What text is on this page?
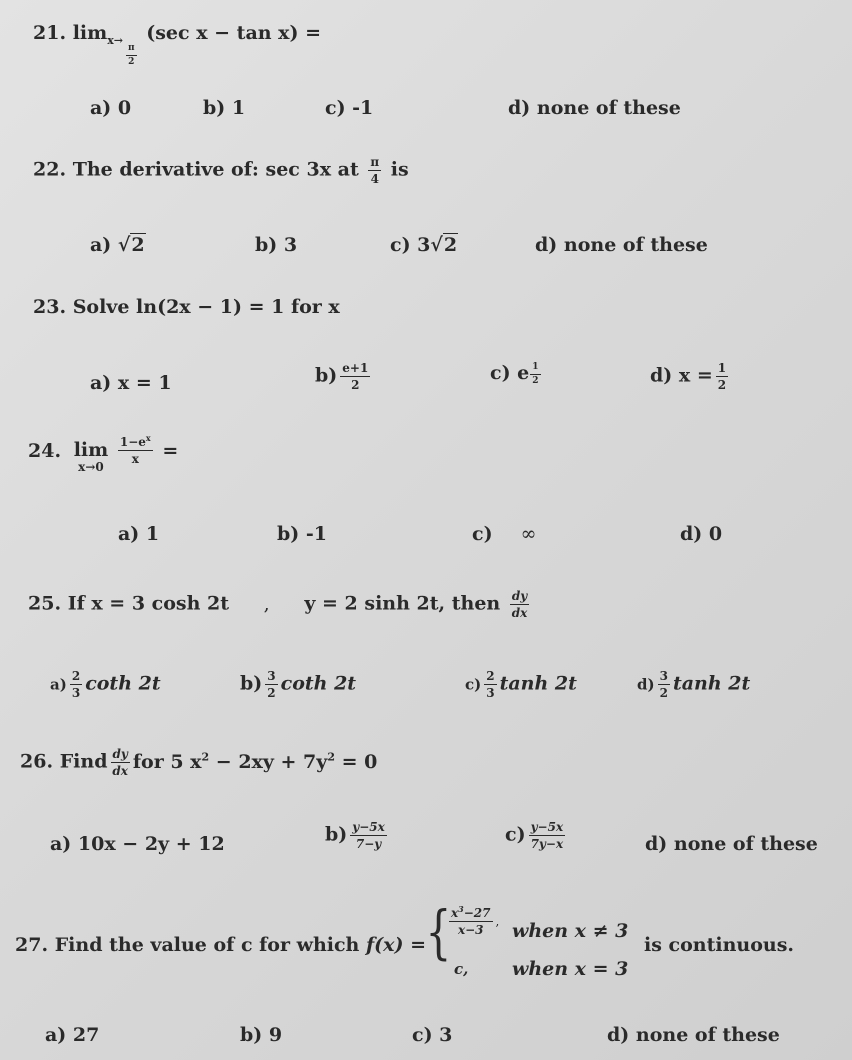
21. $\lim_{x\to \frac{\pi}{2}}$
(sec x − tan x) =
a) 0	b) 1	c) -1	d) none of these
22. The derivative of: sec 3x at $\frac{\pi}{4}$ is
a) √2	b) 3	c) 3√2	d) none of these
23. Solve ln(2x − 1) = 1 for x
a) x = 1	$b) \frac{e+1}{2}$	c) e $\frac{1}{2}$	d) $x = \frac{1}{2}$
24. lim
x→0

$\frac{1-e^x}{x}$ =
a) 1	b) -1	c) ∞	d) 0
25. If x = 3 cosh 2t , y = 2 sinh 2t, then $\frac{dy}{dx}$
$a) \frac{2}{3}$ coth 2t	$b) \frac{3}{2}$ coth 2t	$c) \frac{2}{3}$ tanh 2t	$d) \frac{3}{2}$ tanh 2t
26. Find $\frac{dy}{dx}$ for 5 $x^2 - 2xy + 7y^2 = 0$
a) 10x − 2y + 12	$b) \frac{y-5x}{7-y}$	$c) \frac{y-5x}{7y-x}$	d) none of these
27. Find the value of c for which f(x) = {
$\frac{x^3-27}{x-3}$ , when x ≠ 3
c, when x = 3
is continuous.
a) 27	b) 9	c) 3	d) none of these
